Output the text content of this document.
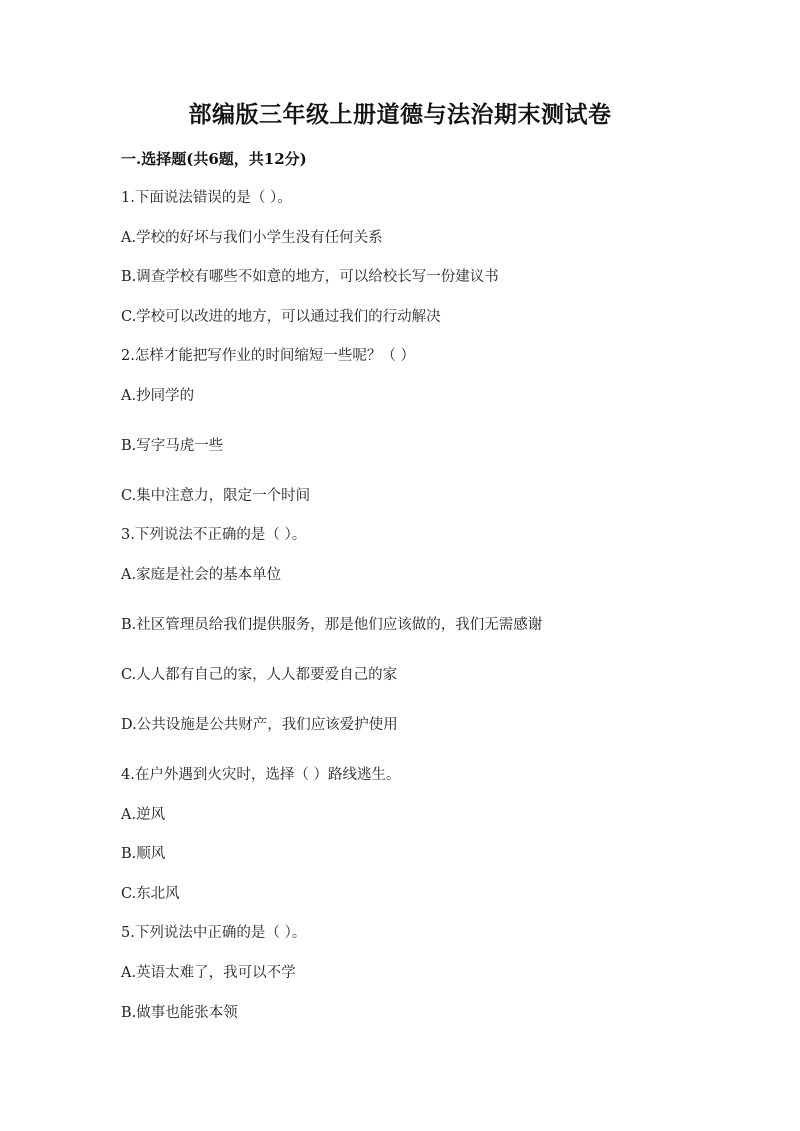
部编版三年级上册道德与法治期末测试卷
一.选择题(共6题，共12分)
1.下面说法错误的是（ ）。
A.学校的好坏与我们小学生没有任何关系
B.调查学校有哪些不如意的地方，可以给校长写一份建议书
C.学校可以改进的地方，可以通过我们的行动解决
2.怎样才能把写作业的时间缩短一些呢？（ ）
A.抄同学的
B.写字马虎一些
C.集中注意力，限定一个时间
3.下列说法不正确的是（ ）。
A.家庭是社会的基本单位
B.社区管理员给我们提供服务，那是他们应该做的，我们无需感谢
C.人人都有自己的家，人人都要爱自己的家
D.公共设施是公共财产，我们应该爱护使用
4.在户外遇到火灾时，选择（ ）路线逃生。
A.逆风
B.顺风
C.东北风
5.下列说法中正确的是（ ）。
A.英语太难了，我可以不学
B.做事也能张本领
